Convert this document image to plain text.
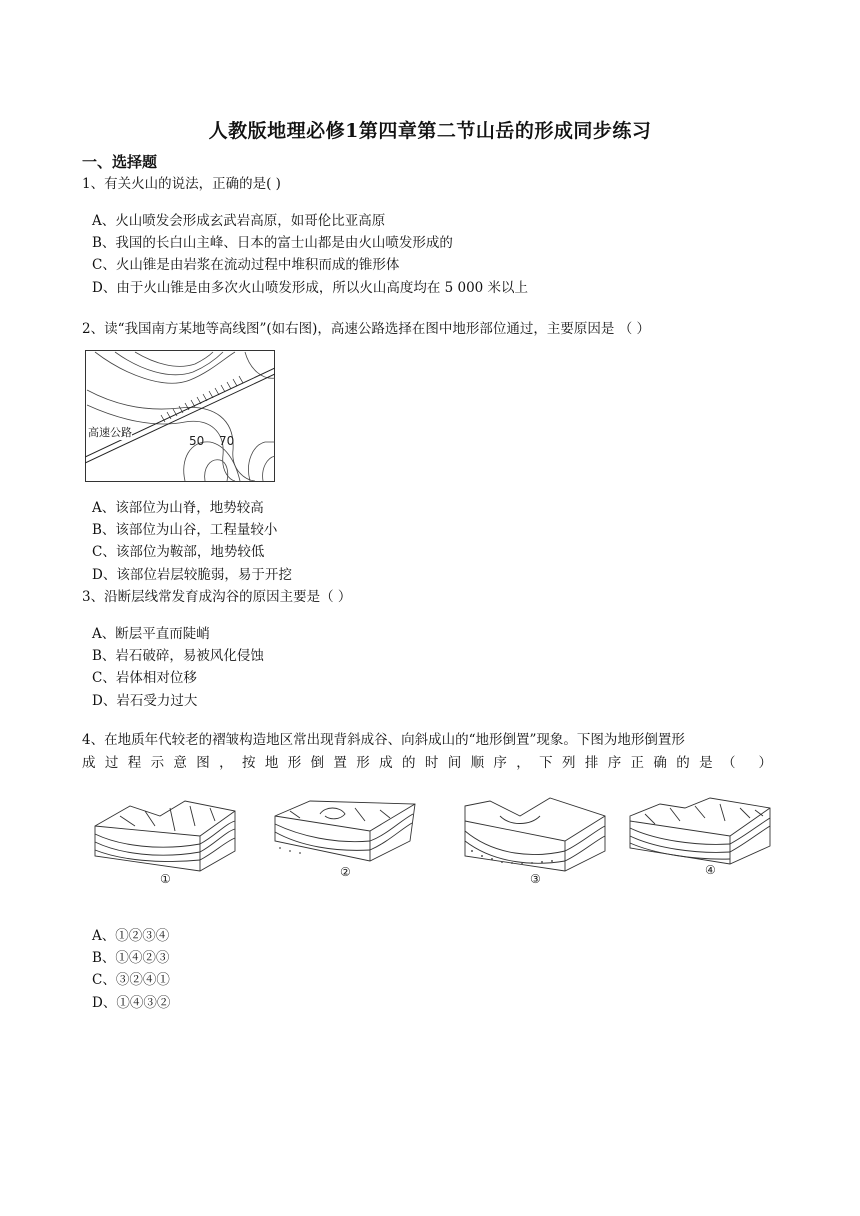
人教版地理必修1第四章第二节山岳的形成同步练习
一、选择题
1、有关火山的说法，正确的是( )
A、火山喷发会形成玄武岩高原，如哥伦比亚高原
B、我国的长白山主峰、日本的富士山都是由火山喷发形成的
C、火山锥是由岩浆在流动过程中堆积而成的锥形体
D、由于火山锥是由多次火山喷发形成，所以火山高度均在 5 000 米以上
2、读“我国南方某地等高线图”(如右图)，高速公路选择在图中地形部位通过，主要原因是 （ ）
50 70
高速公路
A、该部位为山脊，地势较高
B、该部位为山谷，工程量较小
C、该部位为鞍部，地势较低
D、该部位岩层较脆弱，易于开挖
3、沿断层线常发育成沟谷的原因主要是（ ）
A、断层平直而陡峭
B、岩石破碎，易被风化侵蚀
C、岩体相对位移
D、岩石受力过大
4、在地质年代较老的褶皱构造地区常出现背斜成谷、向斜成山的“地形倒置”现象。下图为地形倒置形
成过程示意图，按地形倒置形成的时间顺序，下列排序正确的是（ ）
①	②	③
④
A、①②③④
B、①④②③
C、③②④①
D、①④③②
